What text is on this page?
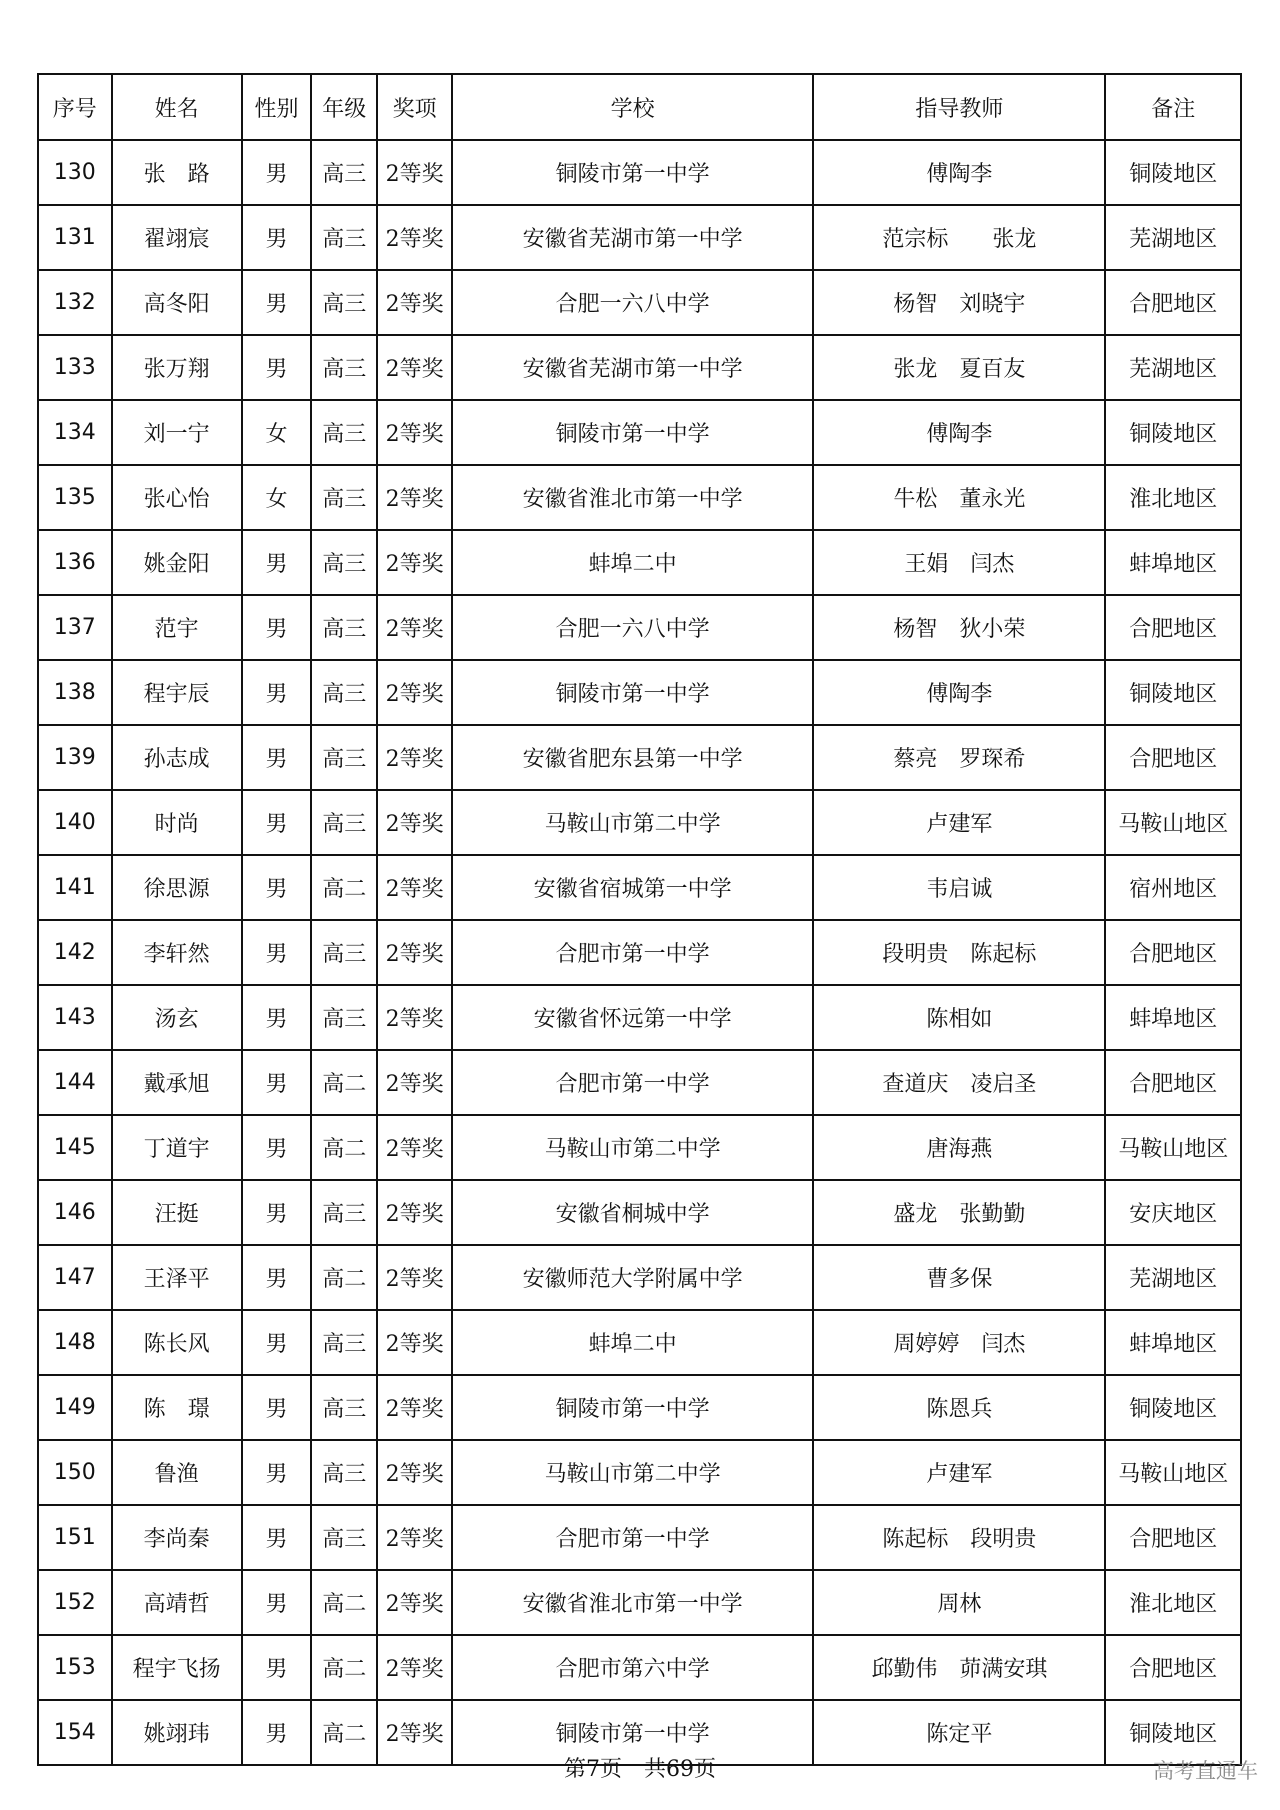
序号	姓名	性别	年级	奖项	学校	指导教师	备注
130	张　路	男	高三	2等奖	铜陵市第一中学	傅陶李	铜陵地区
131	翟翊宸	男	高三	2等奖	安徽省芜湖市第一中学	范宗标　　张龙	芜湖地区
132	高冬阳	男	高三	2等奖	合肥一六八中学	杨智　刘晓宇	合肥地区
133	张万翔	男	高三	2等奖	安徽省芜湖市第一中学	张龙　夏百友	芜湖地区
134	刘一宁	女	高三	2等奖	铜陵市第一中学	傅陶李	铜陵地区
135	张心怡	女	高三	2等奖	安徽省淮北市第一中学	牛松　董永光	淮北地区
136	姚金阳	男	高三	2等奖	蚌埠二中	王娟　闫杰	蚌埠地区
137	范宇	男	高三	2等奖	合肥一六八中学	杨智　狄小荣	合肥地区
138	程宇辰	男	高三	2等奖	铜陵市第一中学	傅陶李	铜陵地区
139	孙志成	男	高三	2等奖	安徽省肥东县第一中学	蔡亮　罗琛希	合肥地区
140	时尚	男	高三	2等奖	马鞍山市第二中学	卢建军	马鞍山地区
141	徐思源	男	高二	2等奖	安徽省宿城第一中学	韦启诚	宿州地区
142	李轩然	男	高三	2等奖	合肥市第一中学	段明贵　陈起标	合肥地区
143	汤玄	男	高三	2等奖	安徽省怀远第一中学	陈相如	蚌埠地区
144	戴承旭	男	高二	2等奖	合肥市第一中学	查道庆　凌启圣	合肥地区
145	丁道宇	男	高二	2等奖	马鞍山市第二中学	唐海燕	马鞍山地区
146	汪挺	男	高三	2等奖	安徽省桐城中学	盛龙　张勤勤	安庆地区
147	王泽平	男	高二	2等奖	安徽师范大学附属中学	曹多保	芜湖地区
148	陈长风	男	高三	2等奖	蚌埠二中	周婷婷　闫杰	蚌埠地区
149	陈　璟	男	高三	2等奖	铜陵市第一中学	陈恩兵	铜陵地区
150	鲁渔	男	高三	2等奖	马鞍山市第二中学	卢建军	马鞍山地区
151	李尚秦	男	高三	2等奖	合肥市第一中学	陈起标　段明贵	合肥地区
152	高靖哲	男	高二	2等奖	安徽省淮北市第一中学	周林	淮北地区
153	程宇飞扬	男	高二	2等奖	合肥市第六中学	邱勤伟　茆满安琪	合肥地区
154	姚翊玮	男	高二	2等奖	铜陵市第一中学	陈定平	铜陵地区
第7页　共69页	高考直通车
